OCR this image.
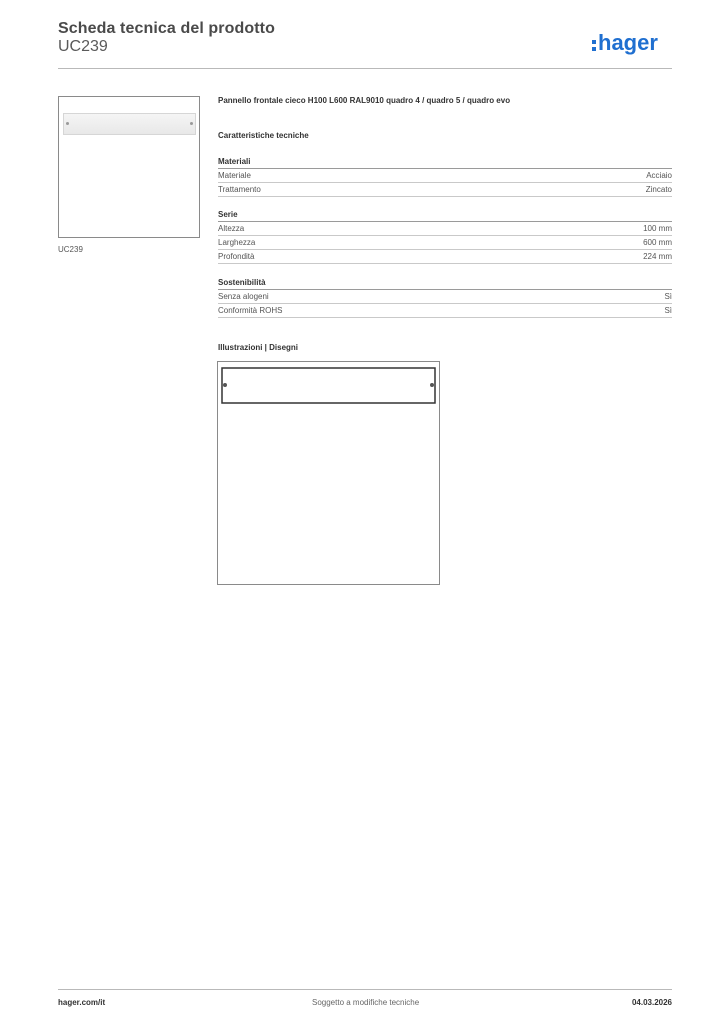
Scheda tecnica del prodotto
UC239	hager
UC239
Pannello frontale cieco H100 L600 RAL9010 quadro 4 / quadro 5 / quadro evo
Caratteristiche tecniche
Materiali
Materiale	Acciaio
Trattamento	Zincato
Serie
Altezza	100 mm
Larghezza	600 mm
Profondità	224 mm
Sostenibilità
Senza alogeni	Sì
Conformità ROHS	Sì
Illustrazioni | Disegni
hager.com/it	Soggetto a modifiche tecniche	04.03.2026
